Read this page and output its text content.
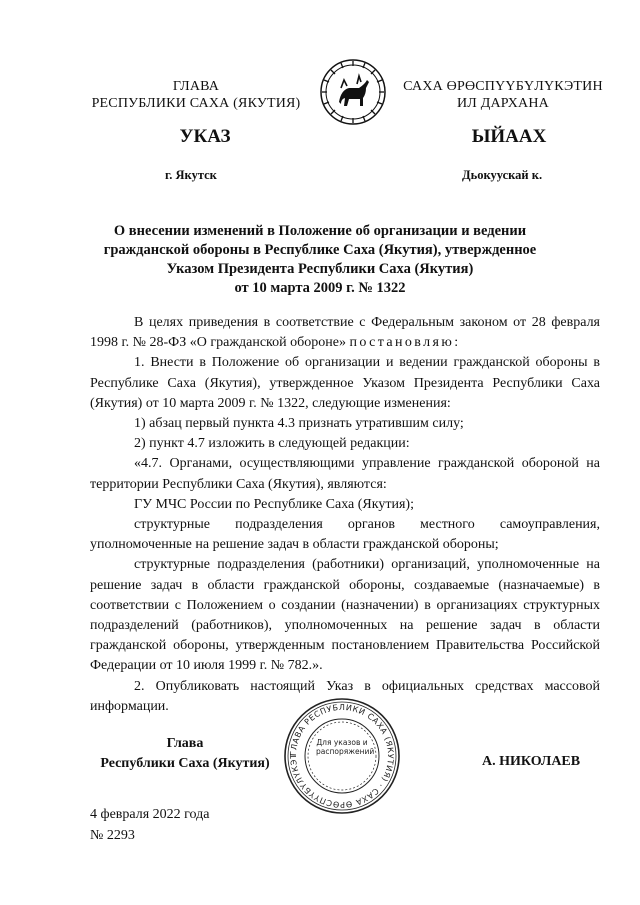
ГЛАВА
РЕСПУБЛИКИ САХА (ЯКУТИЯ)
САХА ӨРӨСПҮҮБҮЛҮКЭТИН
ИЛ ДАРХАНА
УКАЗ	ЫЙААХ
г. Якутск	Дьокуускай к.
О внесении изменений в Положение об организации и ведении
гражданской обороны в Республике Саха (Якутия), утвержденное
Указом Президента Республики Саха (Якутия)
от 10 марта 2009 г. № 1322

В целях приведения в соответствие с Федеральным законом от 28 февраля 1998 г. № 28-ФЗ «О гражданской обороне» постановляю:

1. Внести в Положение об организации и ведении гражданской обороны в Республике Саха (Якутия), утвержденное Указом Президента Республики Саха (Якутия) от 10 марта 2009 г. № 1322, следующие изменения:

1) абзац первый пункта 4.3 признать утратившим силу;

2) пункт 4.7 изложить в следующей редакции:

«4.7. Органами, осуществляющими управление гражданской обороной на территории Республики Саха (Якутия), являются:

ГУ МЧС России по Республике Саха (Якутия);

структурные подразделения органов местного самоуправления, уполномоченные на решение задач в области гражданской обороны;

структурные подразделения (работники) организаций, уполномоченные на решение задач в области гражданской обороны, создаваемые (назначаемые) в соответствии с Положением о создании (назначении) в организациях структурных подразделений (работников), уполномоченных на решение задач в области гражданской обороны, утвержденным постановлением Правительства Российской Федерации от 10 июля 1999 г. № 782.».

2. Опубликовать настоящий Указ в официальных средствах массовой информации.

Глава
Республики Саха (Якутия)
ГЛАВА РЕСПУБЛИКИ САХА (ЯКУТИЯ) · САХА ӨРӨСПҮҮБҮЛҮКЭТ
Для указов и распоряжений
А. НИКОЛАЕВ
4 февраля 2022 года
№ 2293
